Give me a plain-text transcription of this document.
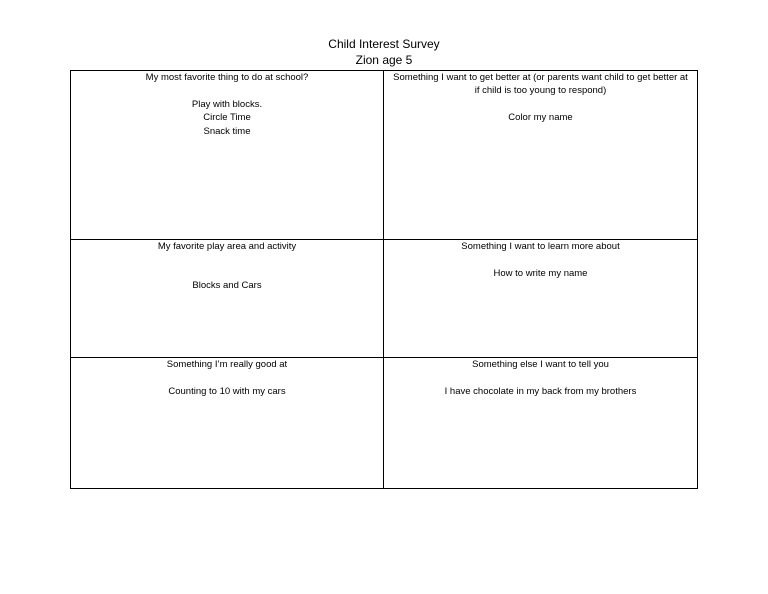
Child Interest Survey
Zion age 5
My most favorite thing to do at school?
Play with blocks.
Circle Time
Snack time
Something I want to get better at (or parents want child to get better at if child is too young to respond)
Color my name
My favorite play area and activity
Blocks and Cars
Something I want to learn more about
How to write my name
Something I’m really good at
Counting to 10 with my cars
Something else I want to tell you
I have chocolate in my back from my brothers
